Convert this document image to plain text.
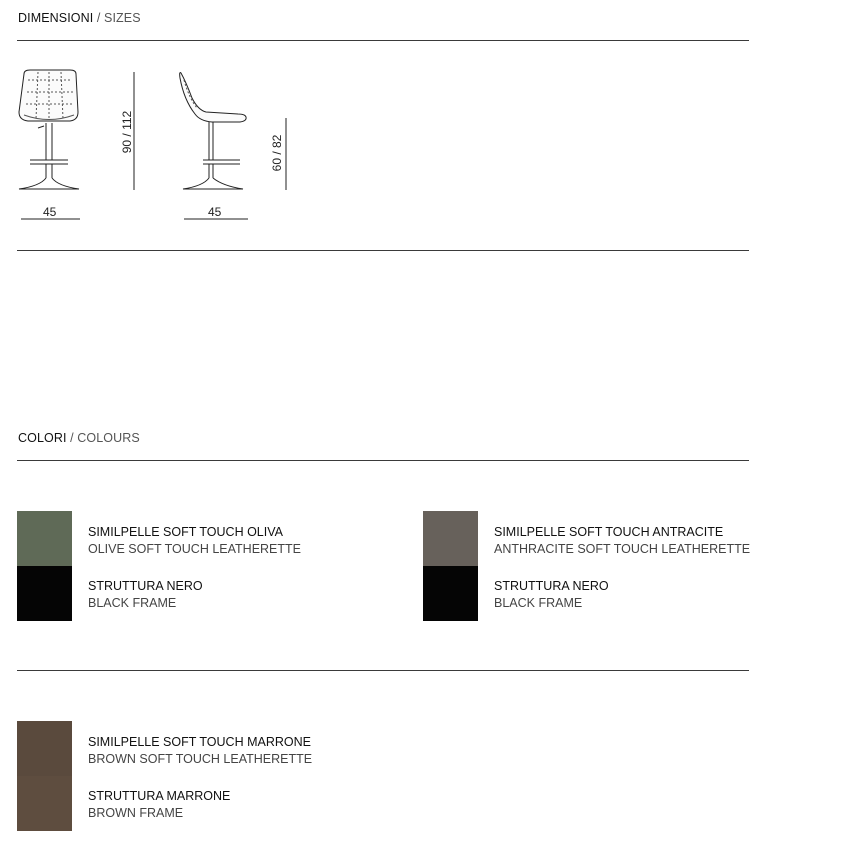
DIMENSIONI / SIZES
45
90 / 112
45
60 / 82
COLORI / COLOURS
SIMILPELLE SOFT TOUCH OLIVA
OLIVE SOFT TOUCH LEATHERETTE
STRUTTURA NERO
BLACK FRAME
SIMILPELLE SOFT TOUCH ANTRACITE
ANTHRACITE SOFT TOUCH LEATHERETTE
STRUTTURA NERO
BLACK FRAME
SIMILPELLE SOFT TOUCH MARRONE
BROWN SOFT TOUCH LEATHERETTE
STRUTTURA MARRONE
BROWN FRAME
